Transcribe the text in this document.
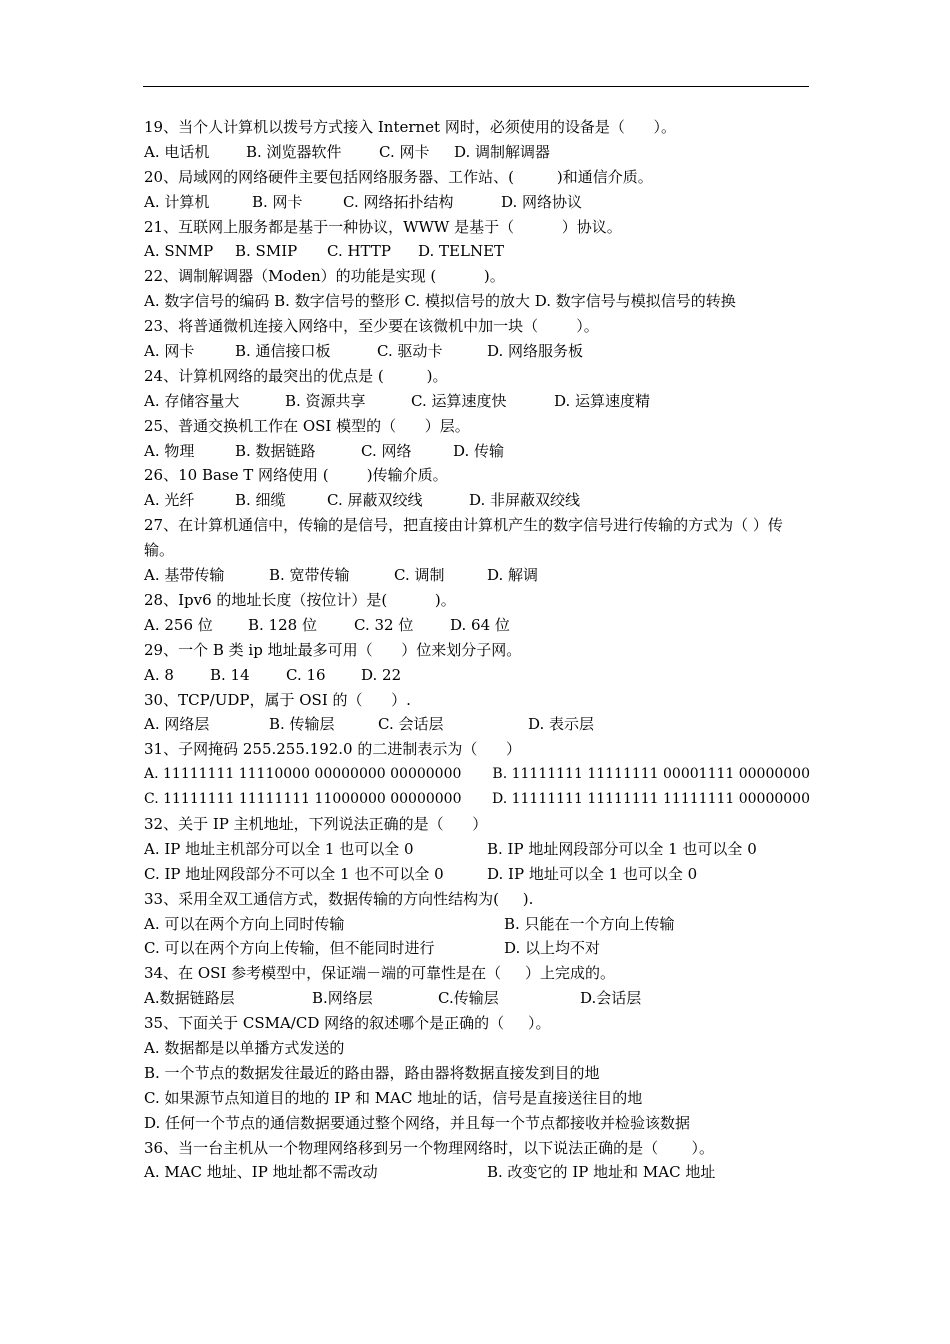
19、当个人计算机以拨号方式接入 Internet 网时，必须使用的设备是（      ）。
A. 电话机	B. 浏览器软件	C. 网卡	D. 调制解调器
20、局域网的网络硬件主要包括网络服务器、工作站、(         )和通信介质。
A. 计算机	B. 网卡	C. 网络拓扑结构	D. 网络协议
21、互联网上服务都是基于一种协议，WWW 是基于（          ）协议。
A. SNMP	B. SMIP	C. HTTP	D. TELNET
22、调制解调器（Moden）的功能是实现 (          )。
A. 数字信号的编码 B. 数字信号的整形 C. 模拟信号的放大 D. 数字信号与模拟信号的转换
23、将普通微机连接入网络中，至少要在该微机中加一块（        ）。
A. 网卡	B. 通信接口板	C. 驱动卡	D. 网络服务板
24、计算机网络的最突出的优点是 (         )。
A. 存储容量大	B. 资源共享	C. 运算速度快	D. 运算速度精
25、普通交换机工作在 OSI 模型的（      ）层。
A. 物理	B. 数据链路	C. 网络	D. 传输
26、10 Base T 网络使用 (        )传输介质。
A. 光纤	B. 细缆	C. 屏蔽双绞线	D. 非屏蔽双绞线
27、在计算机通信中，传输的是信号，把直接由计算机产生的数字信号进行传输的方式为（ ）传输。
A. 基带传输	B. 宽带传输	C. 调制	D. 解调
28、Ipv6 的地址长度（按位计）是(          )。
A. 256 位	B. 128 位	C. 32 位	D. 64 位
29、一个 B 类 ip 地址最多可用（      ）位来划分子网。
A. 8	B. 14	C. 16	D. 22
30、TCP/UDP，属于 OSI 的（      ）.
A. 网络层	B. 传输层	C. 会话层	D. 表示层
31、子网掩码 255.255.192.0 的二进制表示为（      ）
A. 11111111 11110000 00000000 00000000	B. 11111111 11111111 00001111 00000000
C. 11111111 11111111 11000000 00000000	D. 11111111 11111111 11111111 00000000
32、关于 IP 主机地址，下列说法正确的是（      ）
A. IP 地址主机部分可以全 1 也可以全 0	B. IP 地址网段部分可以全 1 也可以全 0
C. IP 地址网段部分不可以全 1 也不可以全 0	D. IP 地址可以全 1 也可以全 0
33、采用全双工通信方式，数据传输的方向性结构为(     ).
A. 可以在两个方向上同时传输	B. 只能在一个方向上传输
C. 可以在两个方向上传输，但不能同时进行	D. 以上均不对
34、在 OSI 参考模型中，保证端－端的可靠性是在（     ）上完成的。
A.数据链路层	B.网络层	C.传输层	D.会话层
35、下面关于 CSMA/CD 网络的叙述哪个是正确的（     ）。
A. 数据都是以单播方式发送的
B. 一个节点的数据发往最近的路由器，路由器将数据直接发到目的地
C. 如果源节点知道目的地的 IP 和 MAC 地址的话，信号是直接送往目的地
D. 任何一个节点的通信数据要通过整个网络，并且每一个节点都接收并检验该数据
36、当一台主机从一个物理网络移到另一个物理网络时，以下说法正确的是（       ）。
A. MAC 地址、IP 地址都不需改动	B. 改变它的 IP 地址和 MAC 地址
